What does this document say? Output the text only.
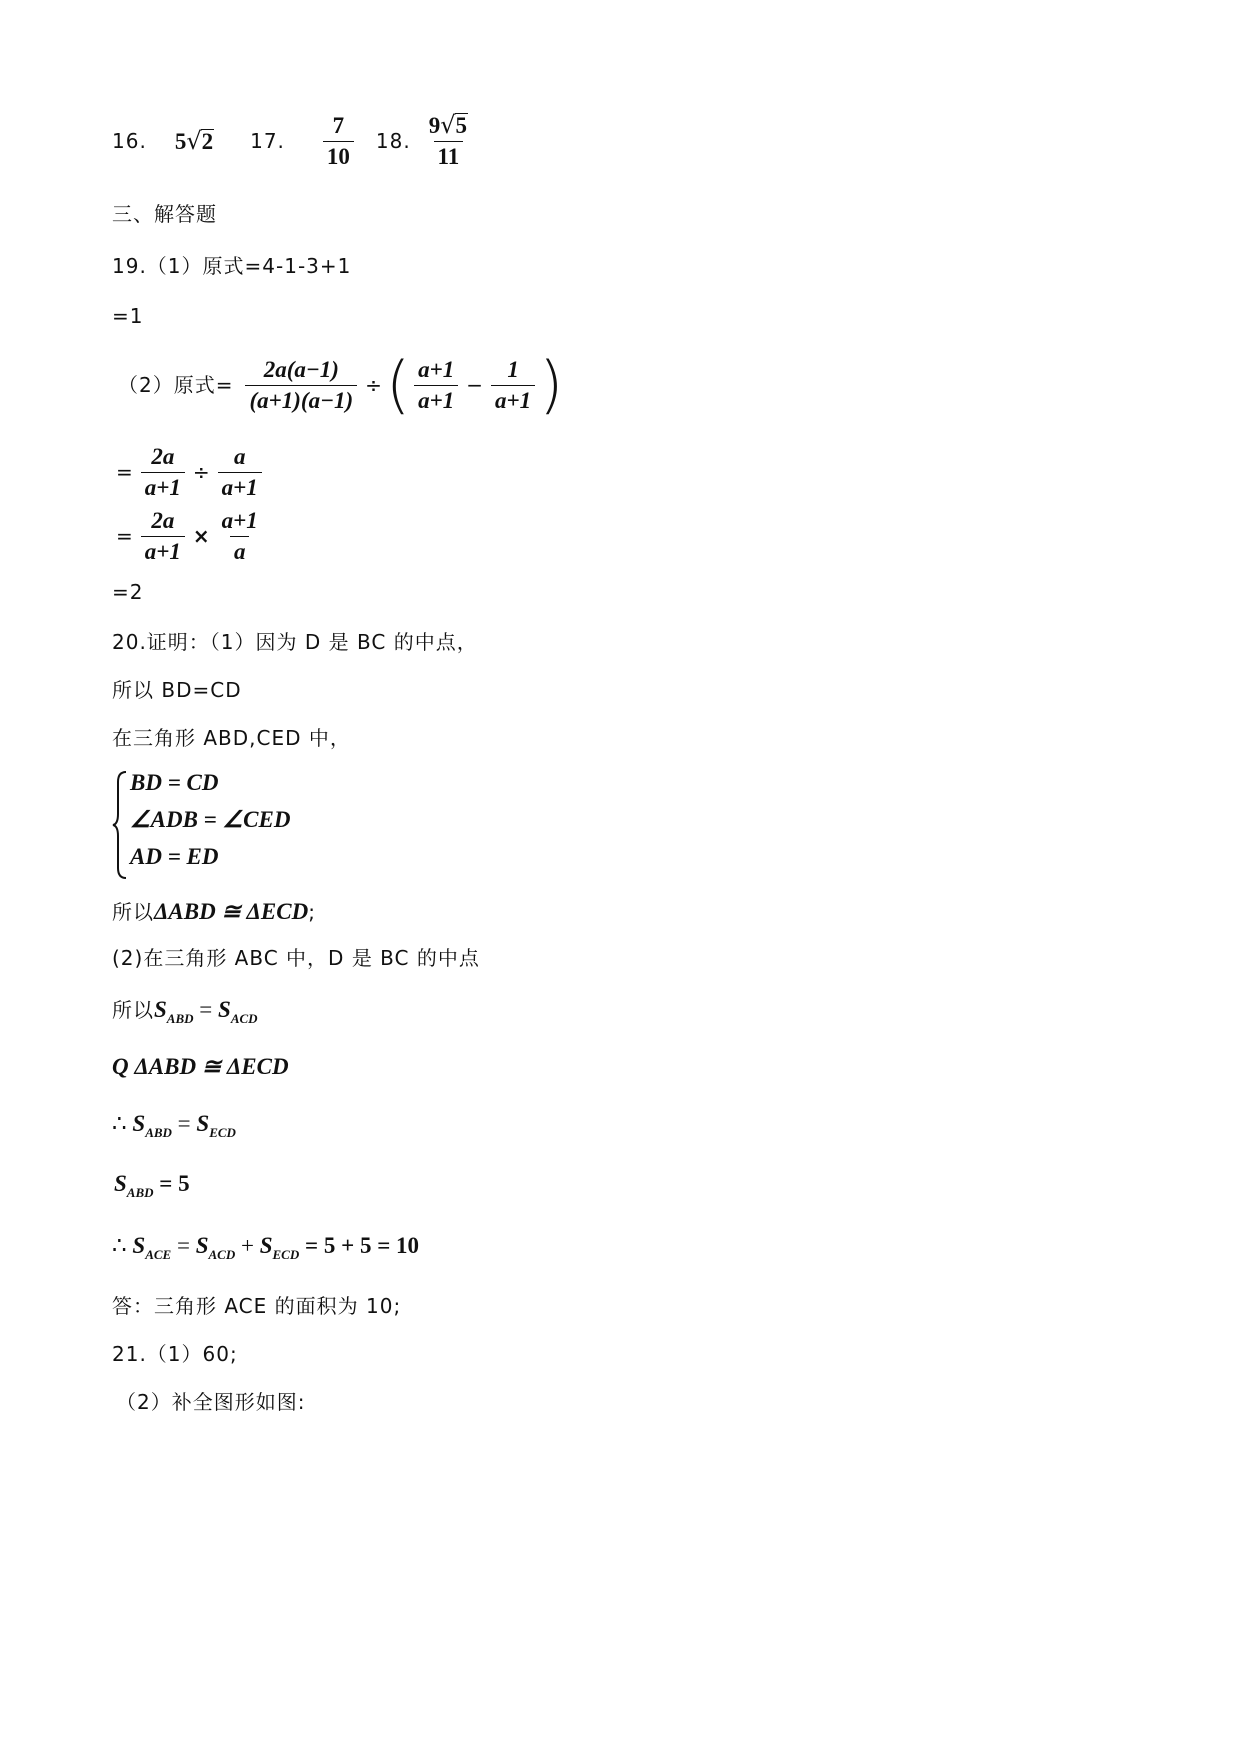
16. 5√2 17. $\frac{7}{10} 18$. $\frac{9√5}{11}$
三、解答题
19.（1）原式=4-1-3+1
=1
（2）原式= $\frac{2a(a-1)}{(a+1)(a-1)}$ ÷ ( $\frac{a+1}{a+1} - \frac{1}{a+1}$ )
= $\frac{2a}{a+1} \div \frac{a}{a+1}$
= $\frac{2a}{a+1} \times \frac{a+1}{a}$
=2
20.证明：（1）因为 D 是 BC 的中点，
所以 BD=CD
在三角形 ABD,CED 中，
BD = CD
∠ADB = ∠CED
AD = ED
所以ΔABD ≅ ΔECD;
(2)在三角形 ABC 中，D 是 BC 的中点
所以$S_{ABD} = S_{ACD}$
Q ΔABD ≅ ΔECD
∴ $S_{ABD} = S_{ECD}$
$S_{ABD} = 5$
∴ $S_{ACE} = S_{ACD} + S_{ECD} = 5 + 5 = 10$
答：三角形 ACE 的面积为 10;
21.（1）60;
（2）补全图形如图:
